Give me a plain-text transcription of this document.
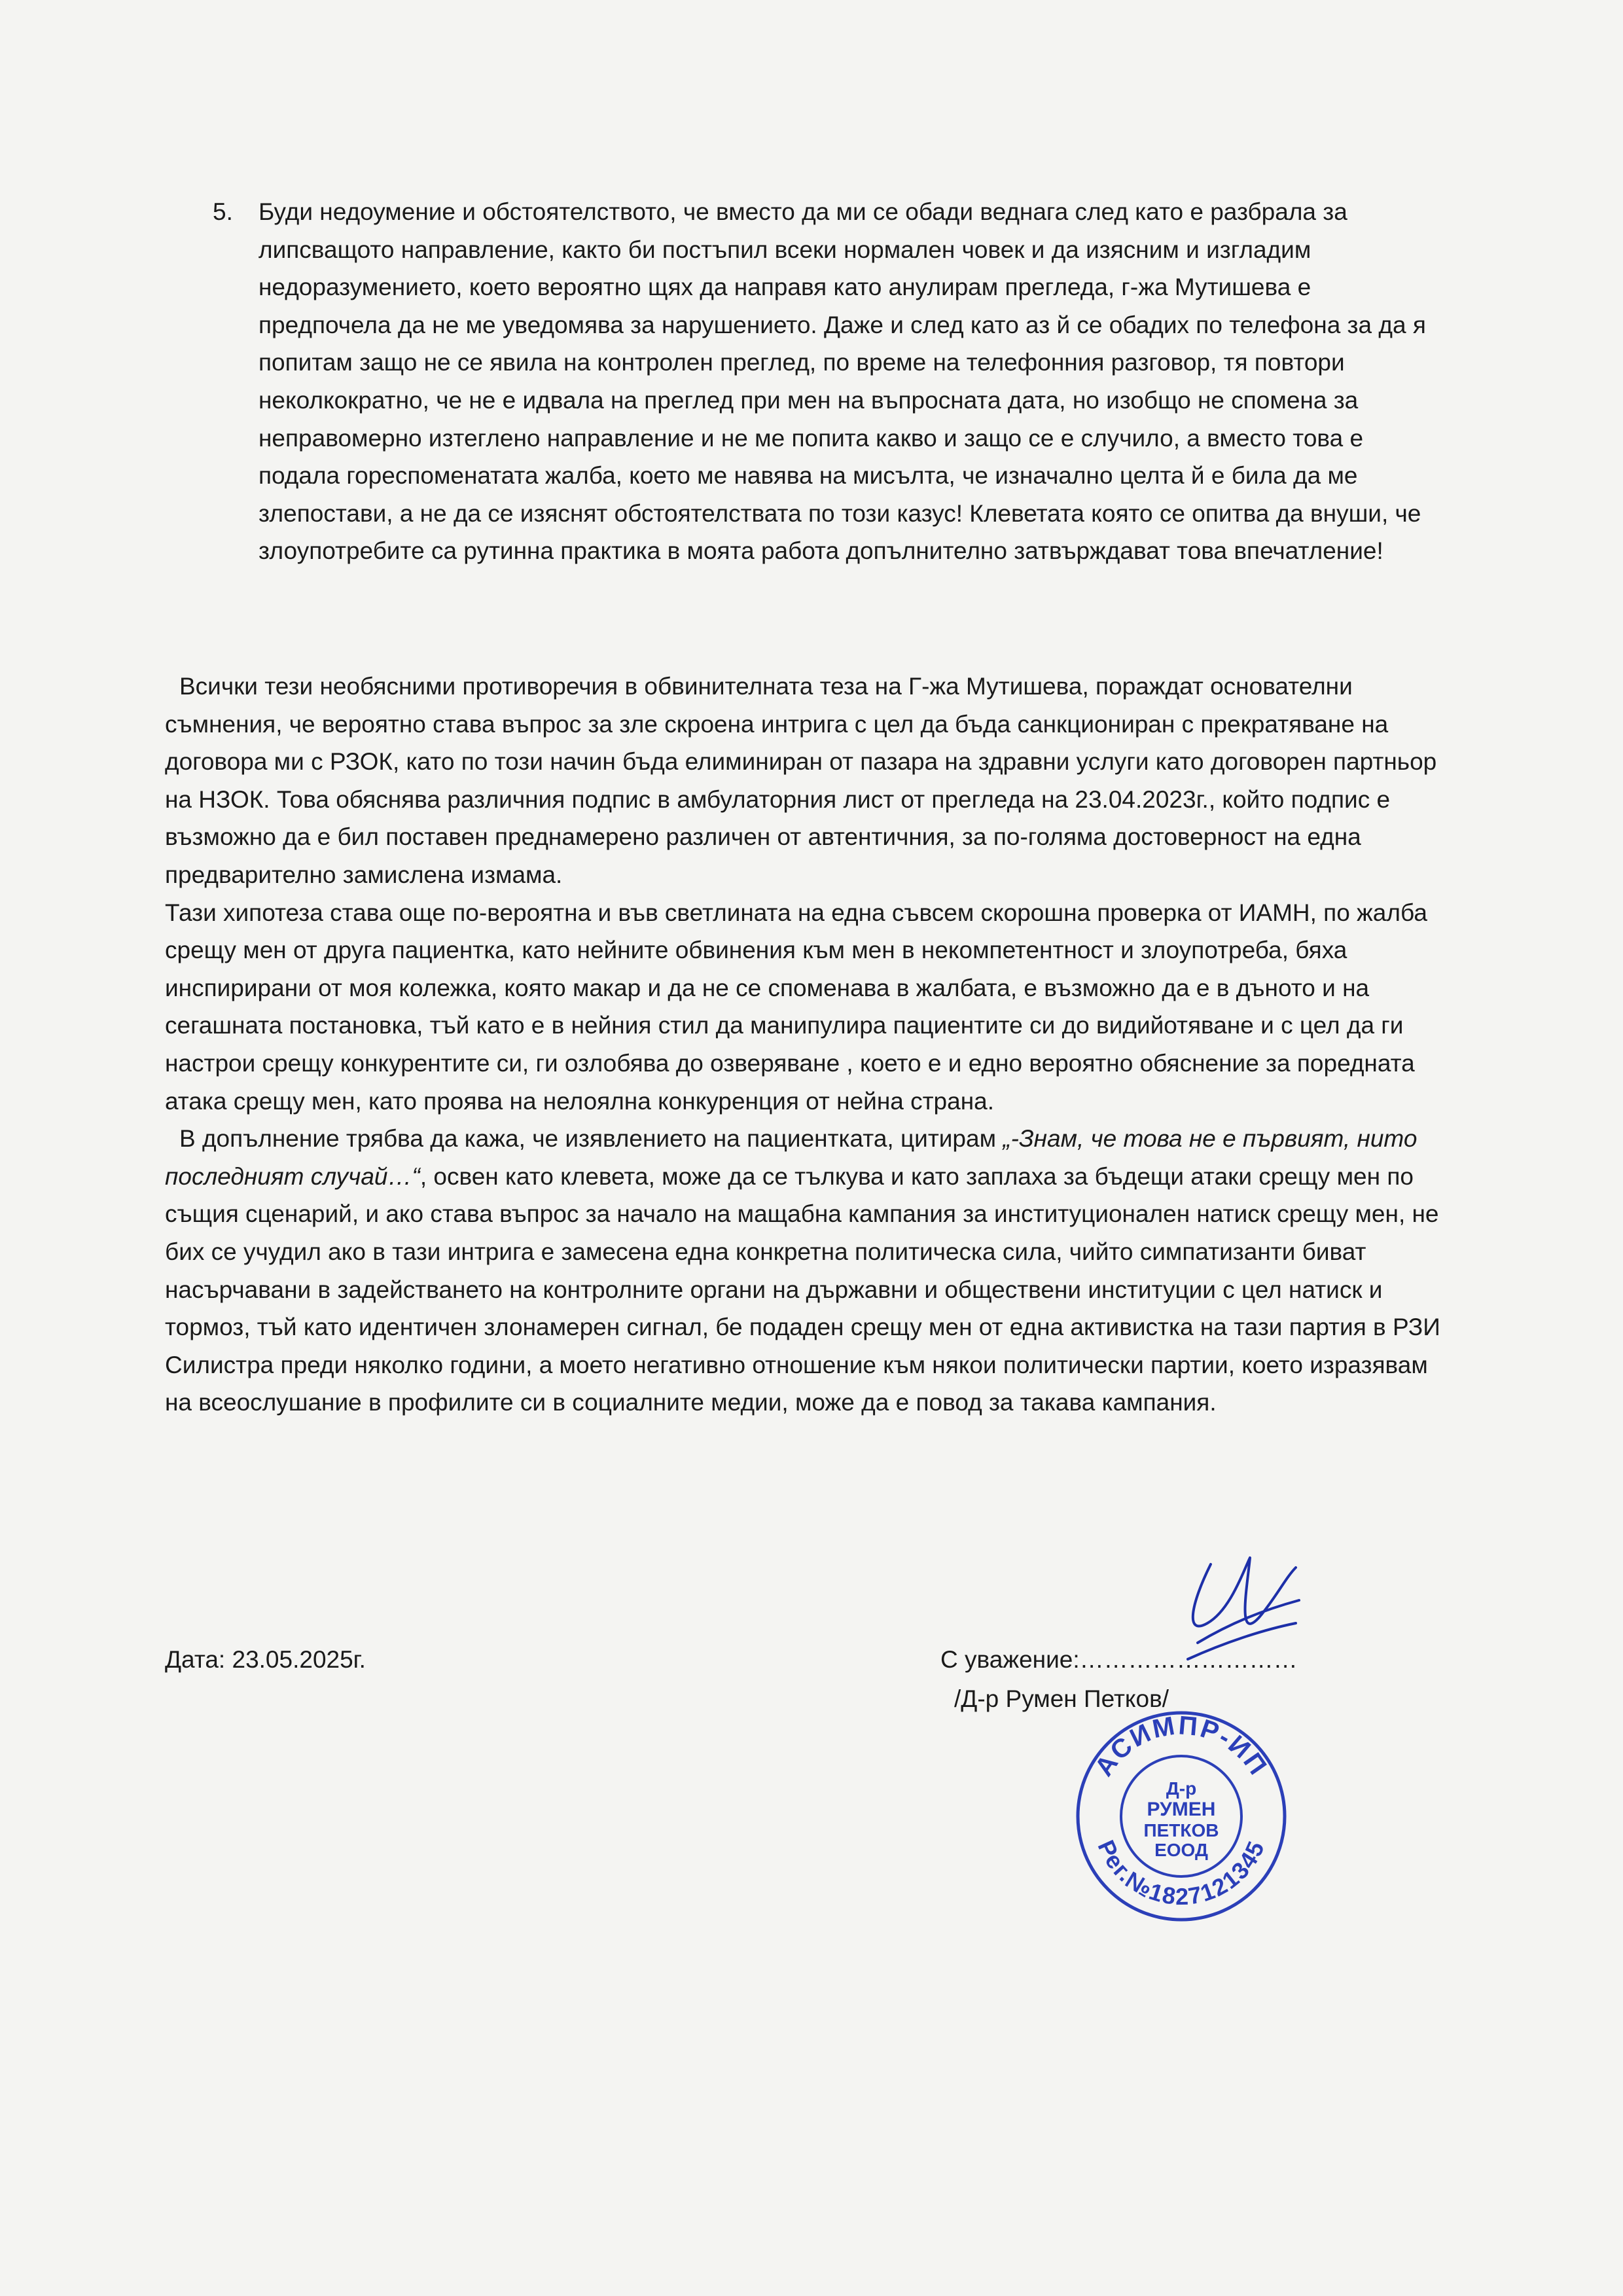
5. Буди недоумение и обстоятелството, че вместо да ми се обади веднага след като е разбрала за липсващото направление, както би постъпил всеки нормален човек и да изясним и изгладим недоразумението, което вероятно щях да направя като анулирам прегледа, г-жа Мутишева е предпочела да не ме уведомява за нарушението. Даже и след като аз й се обадих по телефона за да я попитам защо не се явила на контролен преглед, по време на телефонния разговор, тя повтори неколкократно, че не е идвала на преглед при мен на въпросната дата, но изобщо не спомена за неправомерно изтеглено направление и не ме попита какво и защо се е случило, а вместо това е подала гореспоменатата жалба, което ме навява на мисълта, че изначално целта й е била да ме злепостави, а не да се изяснят обстоятелствата по този казус! Клеветата която се опитва да внуши, че злоупотребите са рутинна практика в моята работа допълнително затвърждават това впечатление!

Всички тези необясними противоречия в обвинителната теза на Г-жа Мутишева, пораждат основателни съмнения, че вероятно става въпрос за зле скроена интрига с цел да бъда санкциониран с прекратяване на договора ми с РЗОК, като по този начин бъда елиминиран от пазара на здравни услуги като договорен партньор на НЗОК. Това обяснява различния подпис в амбулаторния лист от прегледа на 23.04.2023г., който подпис е възможно да е бил поставен преднамерено различен от автентичния, за по-голяма достоверност на една предварително замислена измама.

Тази хипотеза става още по-вероятна и във светлината на една съвсем скорошна проверка от ИАМН, по жалба срещу мен от друга пациентка, като нейните обвинения към мен в некомпетентност и злоупотреба, бяха инспирирани от моя колежка, която макар и да не се споменава в жалбата, е възможно да е в дъното и на сегашната постановка, тъй като е в нейния стил да манипулира пациентите си до видийотяване и с цел да ги настрои срещу конкурентите си, ги озлобява до озверяване , което е и едно вероятно обяснение за поредната атака срещу мен, като проява на нелоялна конкуренция от нейна страна.

В допълнение трябва да кажа, че изявлението на пациентката, цитирам „-Знам, че това не е първият, нито последният случай…“, освен като клевета, може да се тълкува и като заплаха за бъдещи атаки срещу мен по същия сценарий, и ако става въпрос за начало на мащабна кампания за институционален натиск срещу мен, не бих се учудил ако в тази интрига е замесена една конкретна политическа сила, чийто симпатизанти биват насърчавани в задействането на контролните органи на държавни и обществени институции с цел натиск и тормоз, тъй като идентичен злонамерен сигнал, бе подаден срещу мен от една активистка на тази партия в РЗИ Силистра преди няколко години, а моето негативно отношение към някои политически партии, което изразявам на всеослушание в профилите си в социалните медии, може да е повод за такава кампания.

Дата: 23.05.2025г.	С уважение:………………………
/Д-р Румен Петков/
АСИМПР-ИП
Рег.№1827121345
Д-р
РУМЕН
ПЕТКОВ
ЕООД
